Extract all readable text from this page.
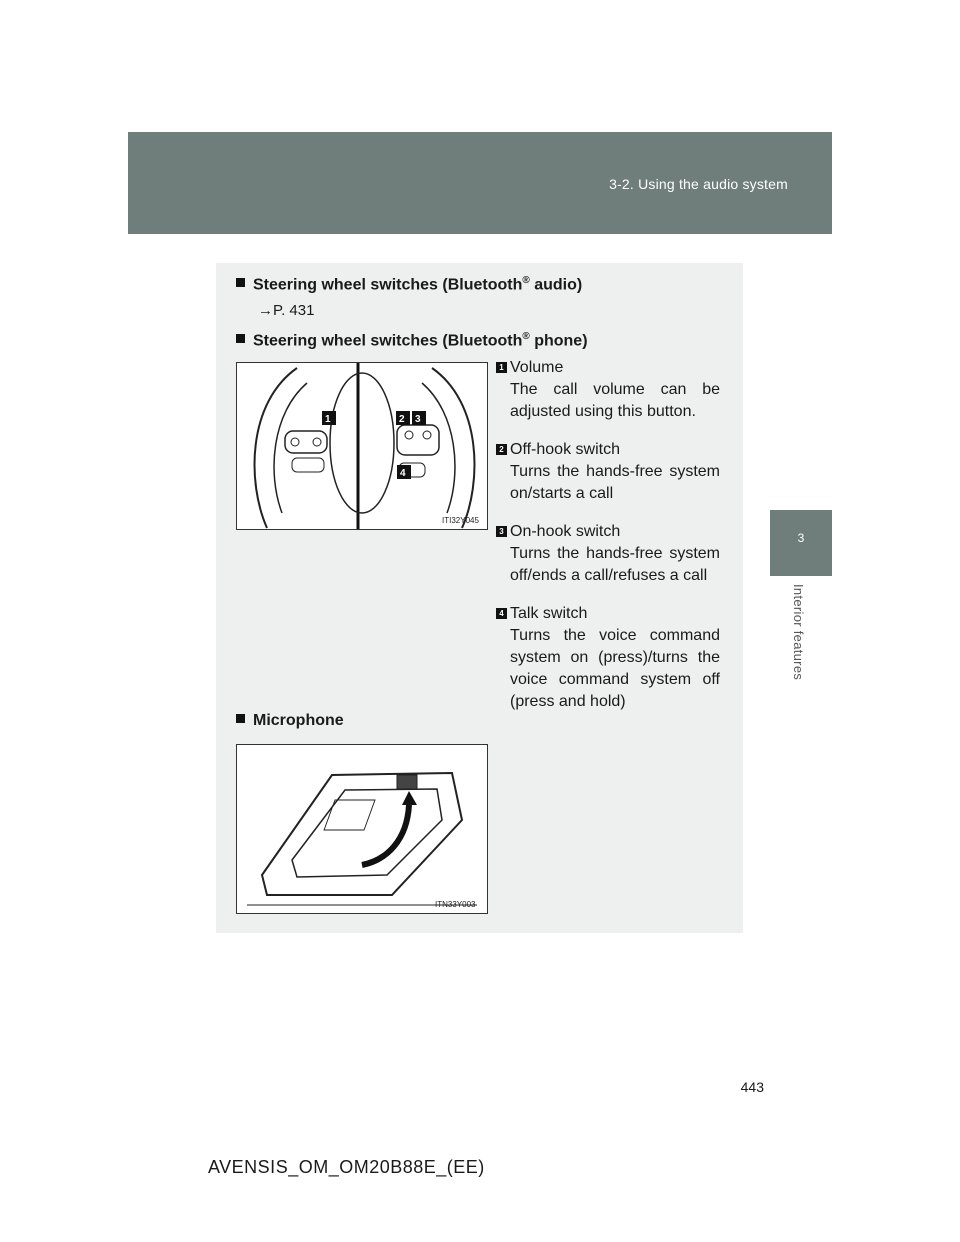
3-2. Using the audio system
3
Interior features
Steering wheel switches (Bluetooth® audio)
→P. 431
Steering wheel switches (Bluetooth® phone)
1	2 3
4
ITI32Y045
1 Volume
The call volume can be adjusted using this button.
2 Off-hook switch
Turns the hands-free system on/starts a call
3 On-hook switch
Turns the hands-free system off/ends a call/refuses a call
4 Talk switch
Turns the voice command system on (press)/turns the voice command system off (press and hold)
Microphone
ITN33Y003
443
AVENSIS_OM_OM20B88E_(EE)
